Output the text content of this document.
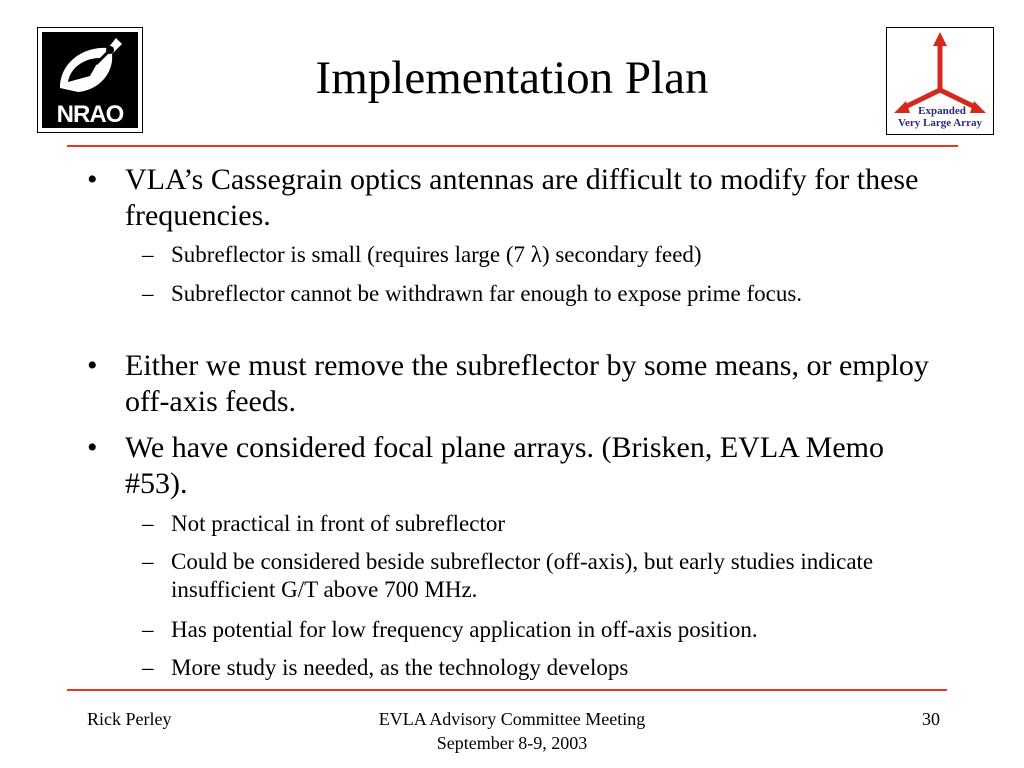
NRAO
Implementation Plan
Expanded
Very Large Array
• VLA’s Cassegrain optics antennas are difficult to modify for these frequencies.
– Subreflector is small (requires large (7 λ) secondary feed)
– Subreflector cannot be withdrawn far enough to expose prime focus.
• Either we must remove the subreflector by some means, or employ off-axis feeds.
• We have considered focal plane arrays. (Brisken, EVLA Memo #53).
– Not practical in front of subreflector
– Could be considered beside subreflector (off-axis), but early studies indicate insufficient G/T above 700 MHz.
– Has potential for low frequency application in off-axis position.
– More study is needed, as the technology develops
Rick Perley	EVLA Advisory Committee Meeting
September 8-9, 2003
30
